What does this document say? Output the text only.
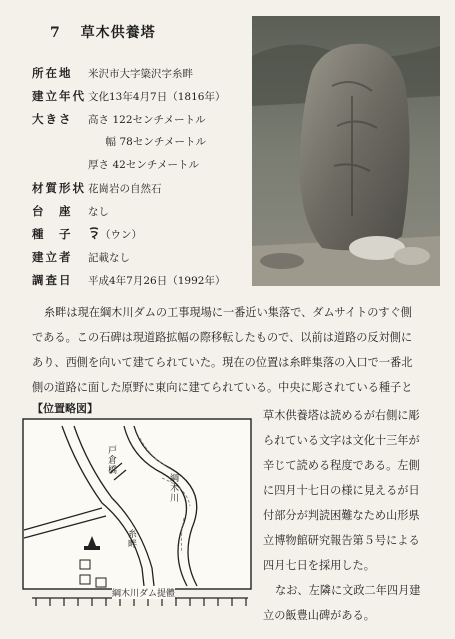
7 草木供養塔
所在地 米沢市大字簗沢字糸畔
建立年代 文化13年4月7日（1816年）
大きさ 高さ 122センチメートル
幅 78センチメートル
厚さ 42センチメートル
材質形状 花崗岩の自然石
台　座 なし
種　子	（ウン）
建立者 記載なし
調査日 平成4年7月26日（1992年）
糸畔は現在綱木川ダムの工事現場に一番近い集落で、ダムサイトのすぐ側
である。この石碑は現道路拡幅の際移転したもので、以前は道路の反対側に
あり、西側を向いて建てられていた。現在の位置は糸畔集落の入口で一番北
側の道路に面した原野に東向に建てられている。中央に彫されている種子と
【位置略図】
戸倉橋
綱木川
糸畔
綱木川ダム提體

草木供養塔は読めるが右側に彫

られている文字は文化十三年が

辛じて読める程度である。左側

に四月十七日の様に見えるが日

付部分が判読困難なため山形県

立博物館研究報告第５号による

四月七日を採用した。

なお、左隣に文政二年四月建

立の飯豊山碑がある。
